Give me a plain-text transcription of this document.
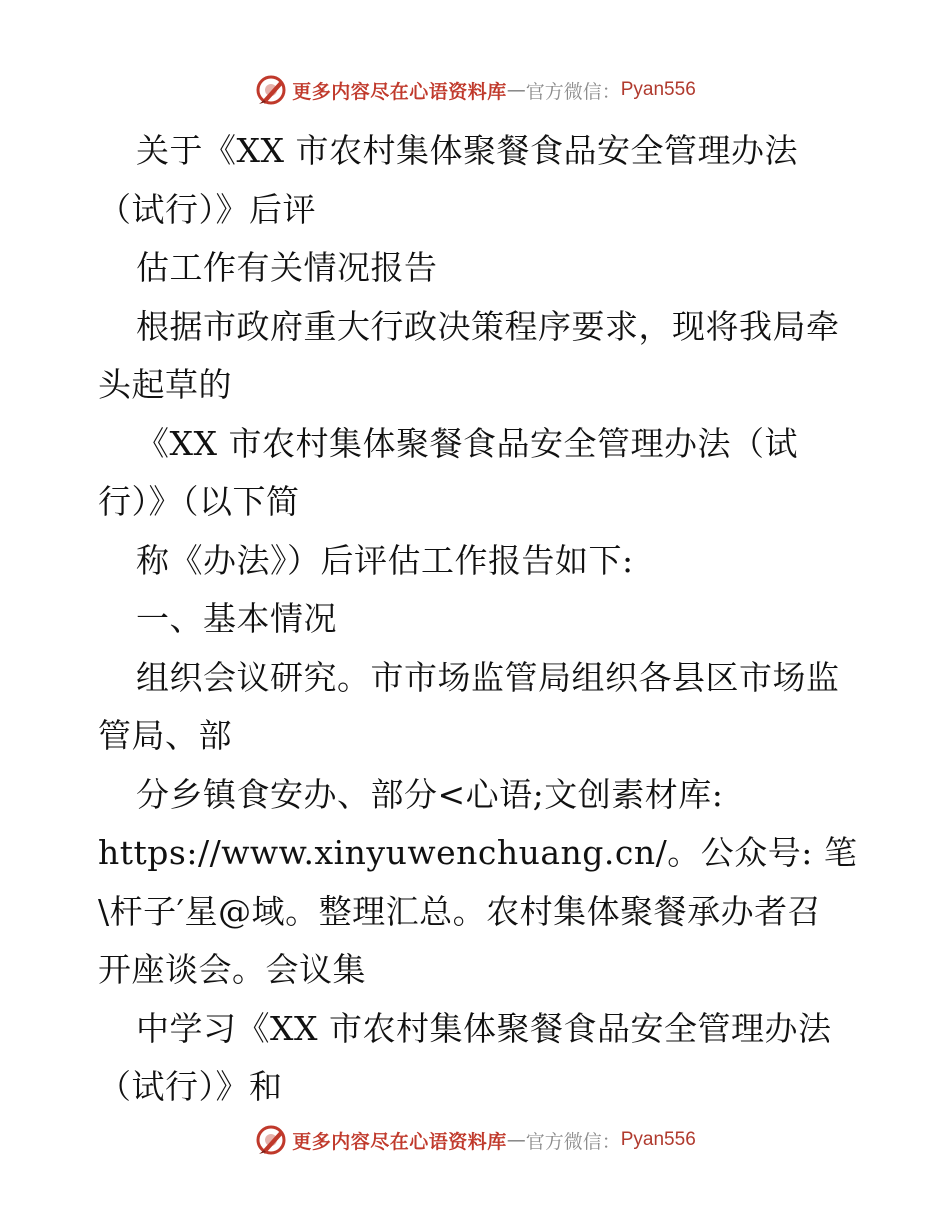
更多内容尽在心语资料库 — 官方微信： Pyan556
关于《XX 市农村集体聚餐食品安全管理办法
（试行）》后评
估工作有关情况报告
根据市政府重大行政决策程序要求，现将我局牵
头起草的
《XX 市农村集体聚餐食品安全管理办法（试
行）》（以下简
称《办法》）后评估工作报告如下:
一、基本情况
组织会议研究。市市场监管局组织各县区市场监
管局、部
分乡镇食安办、部分<心语;文创素材库:
https://www.xinyuwenchuang.cn/。公众号: 笔
\杆子′星@域。整理汇总。农村集体聚餐承办者召
开座谈会。会议集
中学习《XX 市农村集体聚餐食品安全管理办法
（试行）》和
更多内容尽在心语资料库 — 官方微信： Pyan556
